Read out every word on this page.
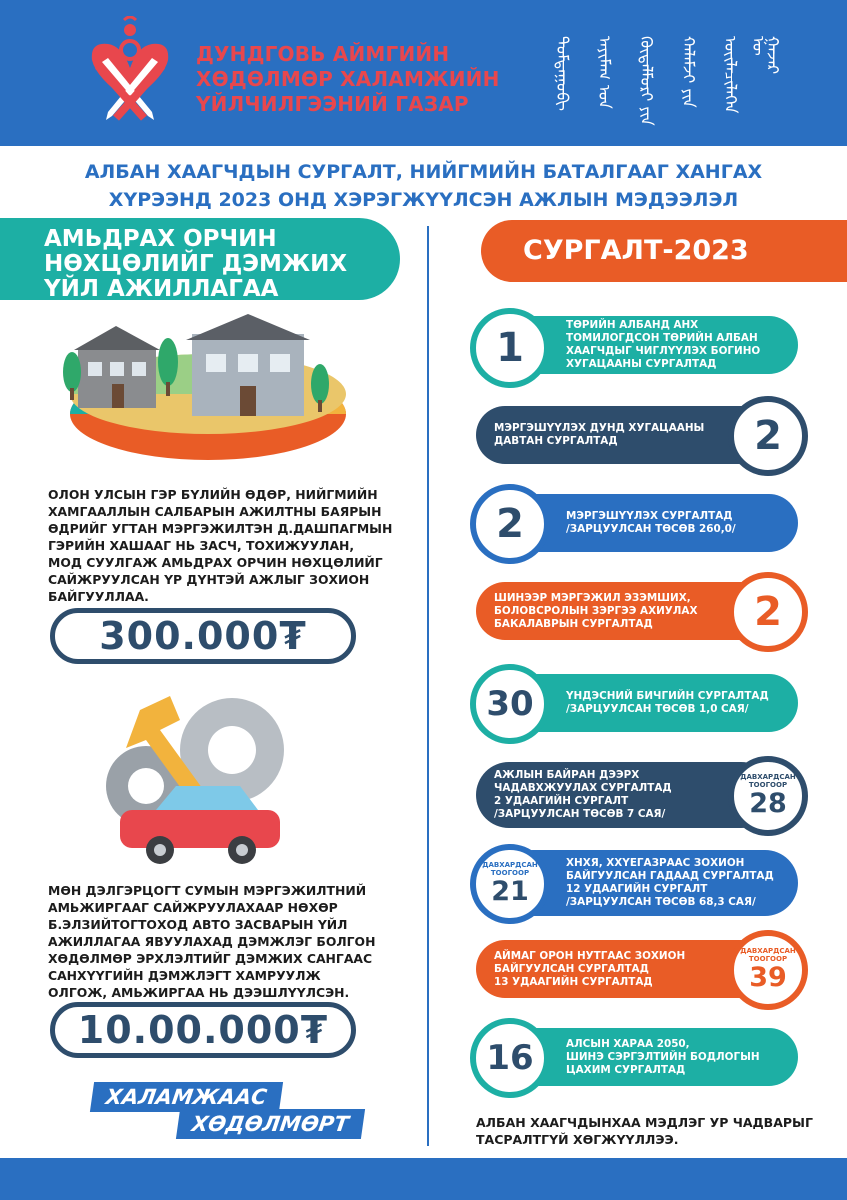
ДУНДГОВЬ АЙМГИЙН
ХӨДӨЛМӨР ХАЛАМЖИЙН
ҮЙЛЧИЛГЭЭНИЙ ГАЗАР	ᠳᠤᠮᠳᠠᠭᠤᠪᠢ	ᠠᠶᠢᠮᠠᠭ ᠤᠨ	ᠬᠥᠳᠡᠯᠮᠦᠷᠢ ᠶᠢᠨ	ᠬᠠᠯᠠᠮᠵᠢ ᠶᠢᠨ	ᠦᠢᠯᠡᠴᠢᠯᠡᠭᠡᠨ ᠦ
ᠭᠠᠵᠠᠷ
АЛБАН ХААГЧДЫН СУРГАЛТ, НИЙГМИЙН БАТАЛГААГ ХАНГАХ
ХҮРЭЭНД 2023 ОНД ХЭРЭГЖҮҮЛСЭН АЖЛЫН МЭДЭЭЛЭЛ
АМЬДРАХ ОРЧИН
НӨХЦӨЛИЙГ ДЭМЖИХ
ҮЙЛ АЖИЛЛАГАА
ОЛОН УЛСЫН ГЭР БҮЛИЙН ӨДӨР, НИЙГМИЙН
ХАМГААЛЛЫН САЛБАРЫН АЖИЛТНЫ БАЯРЫН
ӨДРИЙГ УГТАН МЭРГЭЖИЛТЭН Д.ДАШПАГМЫН
ГЭРИЙН ХАШААГ НЬ ЗАСЧ, ТОХИЖУУЛАН,
МОД СУУЛГАЖ АМЬДРАХ ОРЧИН НӨХЦӨЛИЙГ
САЙЖРУУЛСАН ҮР ДҮНТЭЙ АЖЛЫГ ЗОХИОН
БАЙГУУЛЛАА.
300.000₮
МӨН ДЭЛГЭРЦОГТ СУМЫН МЭРГЭЖИЛТНИЙ
АМЬЖИРГААГ САЙЖРУУЛАХААР НӨХӨР
Б.ЭЛЗИЙТОГТОХОД АВТО ЗАСВАРЫН ҮЙЛ
АЖИЛЛАГАА ЯВУУЛАХАД ДЭМЖЛЭГ БОЛГОН
ХӨДӨЛМӨР ЭРХЛЭЛТИЙГ ДЭМЖИХ САНГААС
САНХҮҮГИЙН ДЭМЖЛЭГТ ХАМРУУЛЖ
ОЛГОЖ, АМЬЖИРГАА НЬ ДЭЭШЛҮҮЛСЭН.
10.00.000₮
ХАЛАМЖААС
ХӨДӨЛМӨРТ
СУРГАЛТ-2023
ТӨРИЙН АЛБАНД АНХ
ТОМИЛОГДСОН ТӨРИЙН АЛБАН
ХААГЧДЫГ ЧИГЛҮҮЛЭХ БОГИНО
ХУГАЦААНЫ СУРГАЛТАД
1
МЭРГЭШҮҮЛЭХ ДУНД ХУГАЦААНЫ
ДАВТАН СУРГАЛТАД	2
МЭРГЭШҮҮЛЭХ СУРГАЛТАД
/ЗАРЦУУЛСАН ТӨСӨВ 260,0/
2
ШИНЭЭР МЭРГЭЖИЛ ЭЗЭМШИХ,
БОЛОВСРОЛЫН ЗЭРГЭЭ АХИУЛАХ
БАКАЛАВРЫН СУРГАЛТАД	2
ҮНДЭСНИЙ БИЧГИЙН СУРГАЛТАД
/ЗАРЦУУЛСАН ТӨСӨВ 1,0 САЯ/
30
АЖЛЫН БАЙРАН ДЭЭРХ
ЧАДАВХЖУУЛАХ СУРГАЛТАД
2 УДААГИЙН СУРГАЛТ
/ЗАРЦУУЛСАН ТӨСӨВ 7 САЯ/
ДАВХАРДСАН
ТООГООР
28
ХНХЯ, ХХҮЕГАЗРААС ЗОХИОН
БАЙГУУЛСАН ГАДААД СУРГАЛТАД
12 УДААГИЙН СУРГАЛТ
/ЗАРЦУУЛСАН ТӨСӨВ 68,3 САЯ/
ДАВХАРДСАН
ТООГООР
21
АЙМАГ ОРОН НУТГААС ЗОХИОН
БАЙГУУЛСАН СУРГАЛТАД
13 УДААГИЙН СУРГАЛТАД
ДАВХАРДСАН
ТООГООР
39
АЛСЫН ХАРАА 2050,
ШИНЭ СЭРГЭЛТИЙН БОДЛОГЫН
ЦАХИМ СУРГАЛТАД
16
АЛБАН ХААГЧДЫНХАА МЭДЛЭГ УР ЧАДВАРЫГ
ТАСРАЛТГҮЙ ХӨГЖҮҮЛЛЭЭ.
